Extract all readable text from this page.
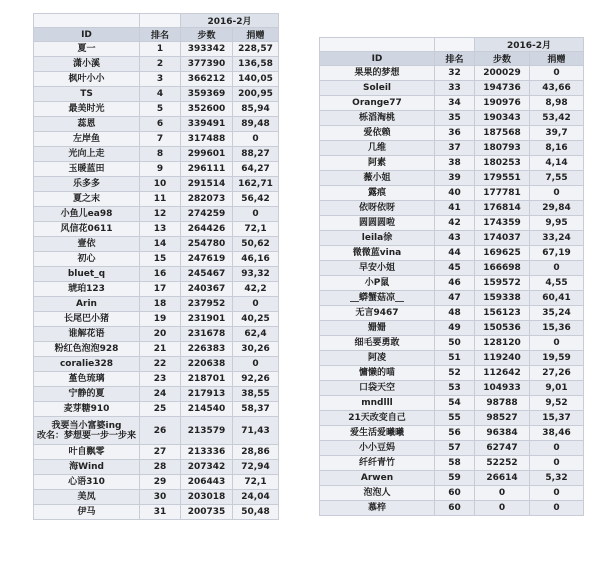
		2016-2月	
ID	排名	步数	捐赠
夏一	1	393342	228,57
潇小溪	2	377390	136,58
枫叶小小	3	366212	140,05
TS	4	359369	200,95
最美时光	5	352600	85,94
蕊恩	6	339491	89,48
左岸鱼	7	317488	0
光向上走	8	299601	88,27
玉暖蓝田	9	296111	64,27
乐多多	10	291514	162,71
夏之末	11	282073	56,42
小鱼儿ea98	12	274259	0
风信花0611	13	264426	72,1
壹依	14	254780	50,62
初心	15	247619	46,16
bluet_q	16	245467	93,32
琥珀123	17	240367	42,2
Arin	18	237952	0
长尾巴小猪	19	231901	40,25
谁解花语	20	231678	62,4
粉红色泡泡928	21	226383	30,26
coralie328	22	220638	0
堇色琉璃	23	218701	92,26
宁静的夏	24	217913	38,55
麦芽糖910	25	214540	58,37
我要当小富婆ing
改名：梦想要一步一步来	26	213579	71,43
叶自飘零	27	213336	28,86
海Wind	28	207342	72,94
心语310	29	206443	72,1
美凤	30	203018	24,04
伊马	31	200735	50,48
		2016-2月	
ID	排名	步数	捐赠
果果的梦想	32	200029	0
Soleil	33	194736	43,66
Orange77	34	190976	8,98
栎滔淘桃	35	190343	53,42
爱依赖	36	187568	39,7
几维	37	180793	8,16
阿素	38	180253	4,14
薇小姐	39	179551	7,55
露痕	40	177781	0
依呀依呀	41	176814	29,84
圆圆圆啦	42	174359	9,95
leila徐	43	174037	33,24
微微蓝vina	44	169625	67,19
早安小姐	45	166698	0
小P鼠	46	159572	4,55
__蟒蟹菇凉__	47	159338	60,41
无言9467	48	156123	35,24
姗姗	49	150536	15,36
细毛要勇敢	50	128120	0
阿凌	51	119240	19,59
慵懒的喵	52	112642	27,26
口袋天空	53	104933	9,01
mndlll	54	98788	9,52
21天改变自己	55	98527	15,37
爱生活爱曦曦	56	96384	38,46
小小豆妈	57	62747	0
纤纤青竹	58	52252	0
Arwen	59	26614	5,32
泡泡人	60	0	0
慕梓	60	0	0
